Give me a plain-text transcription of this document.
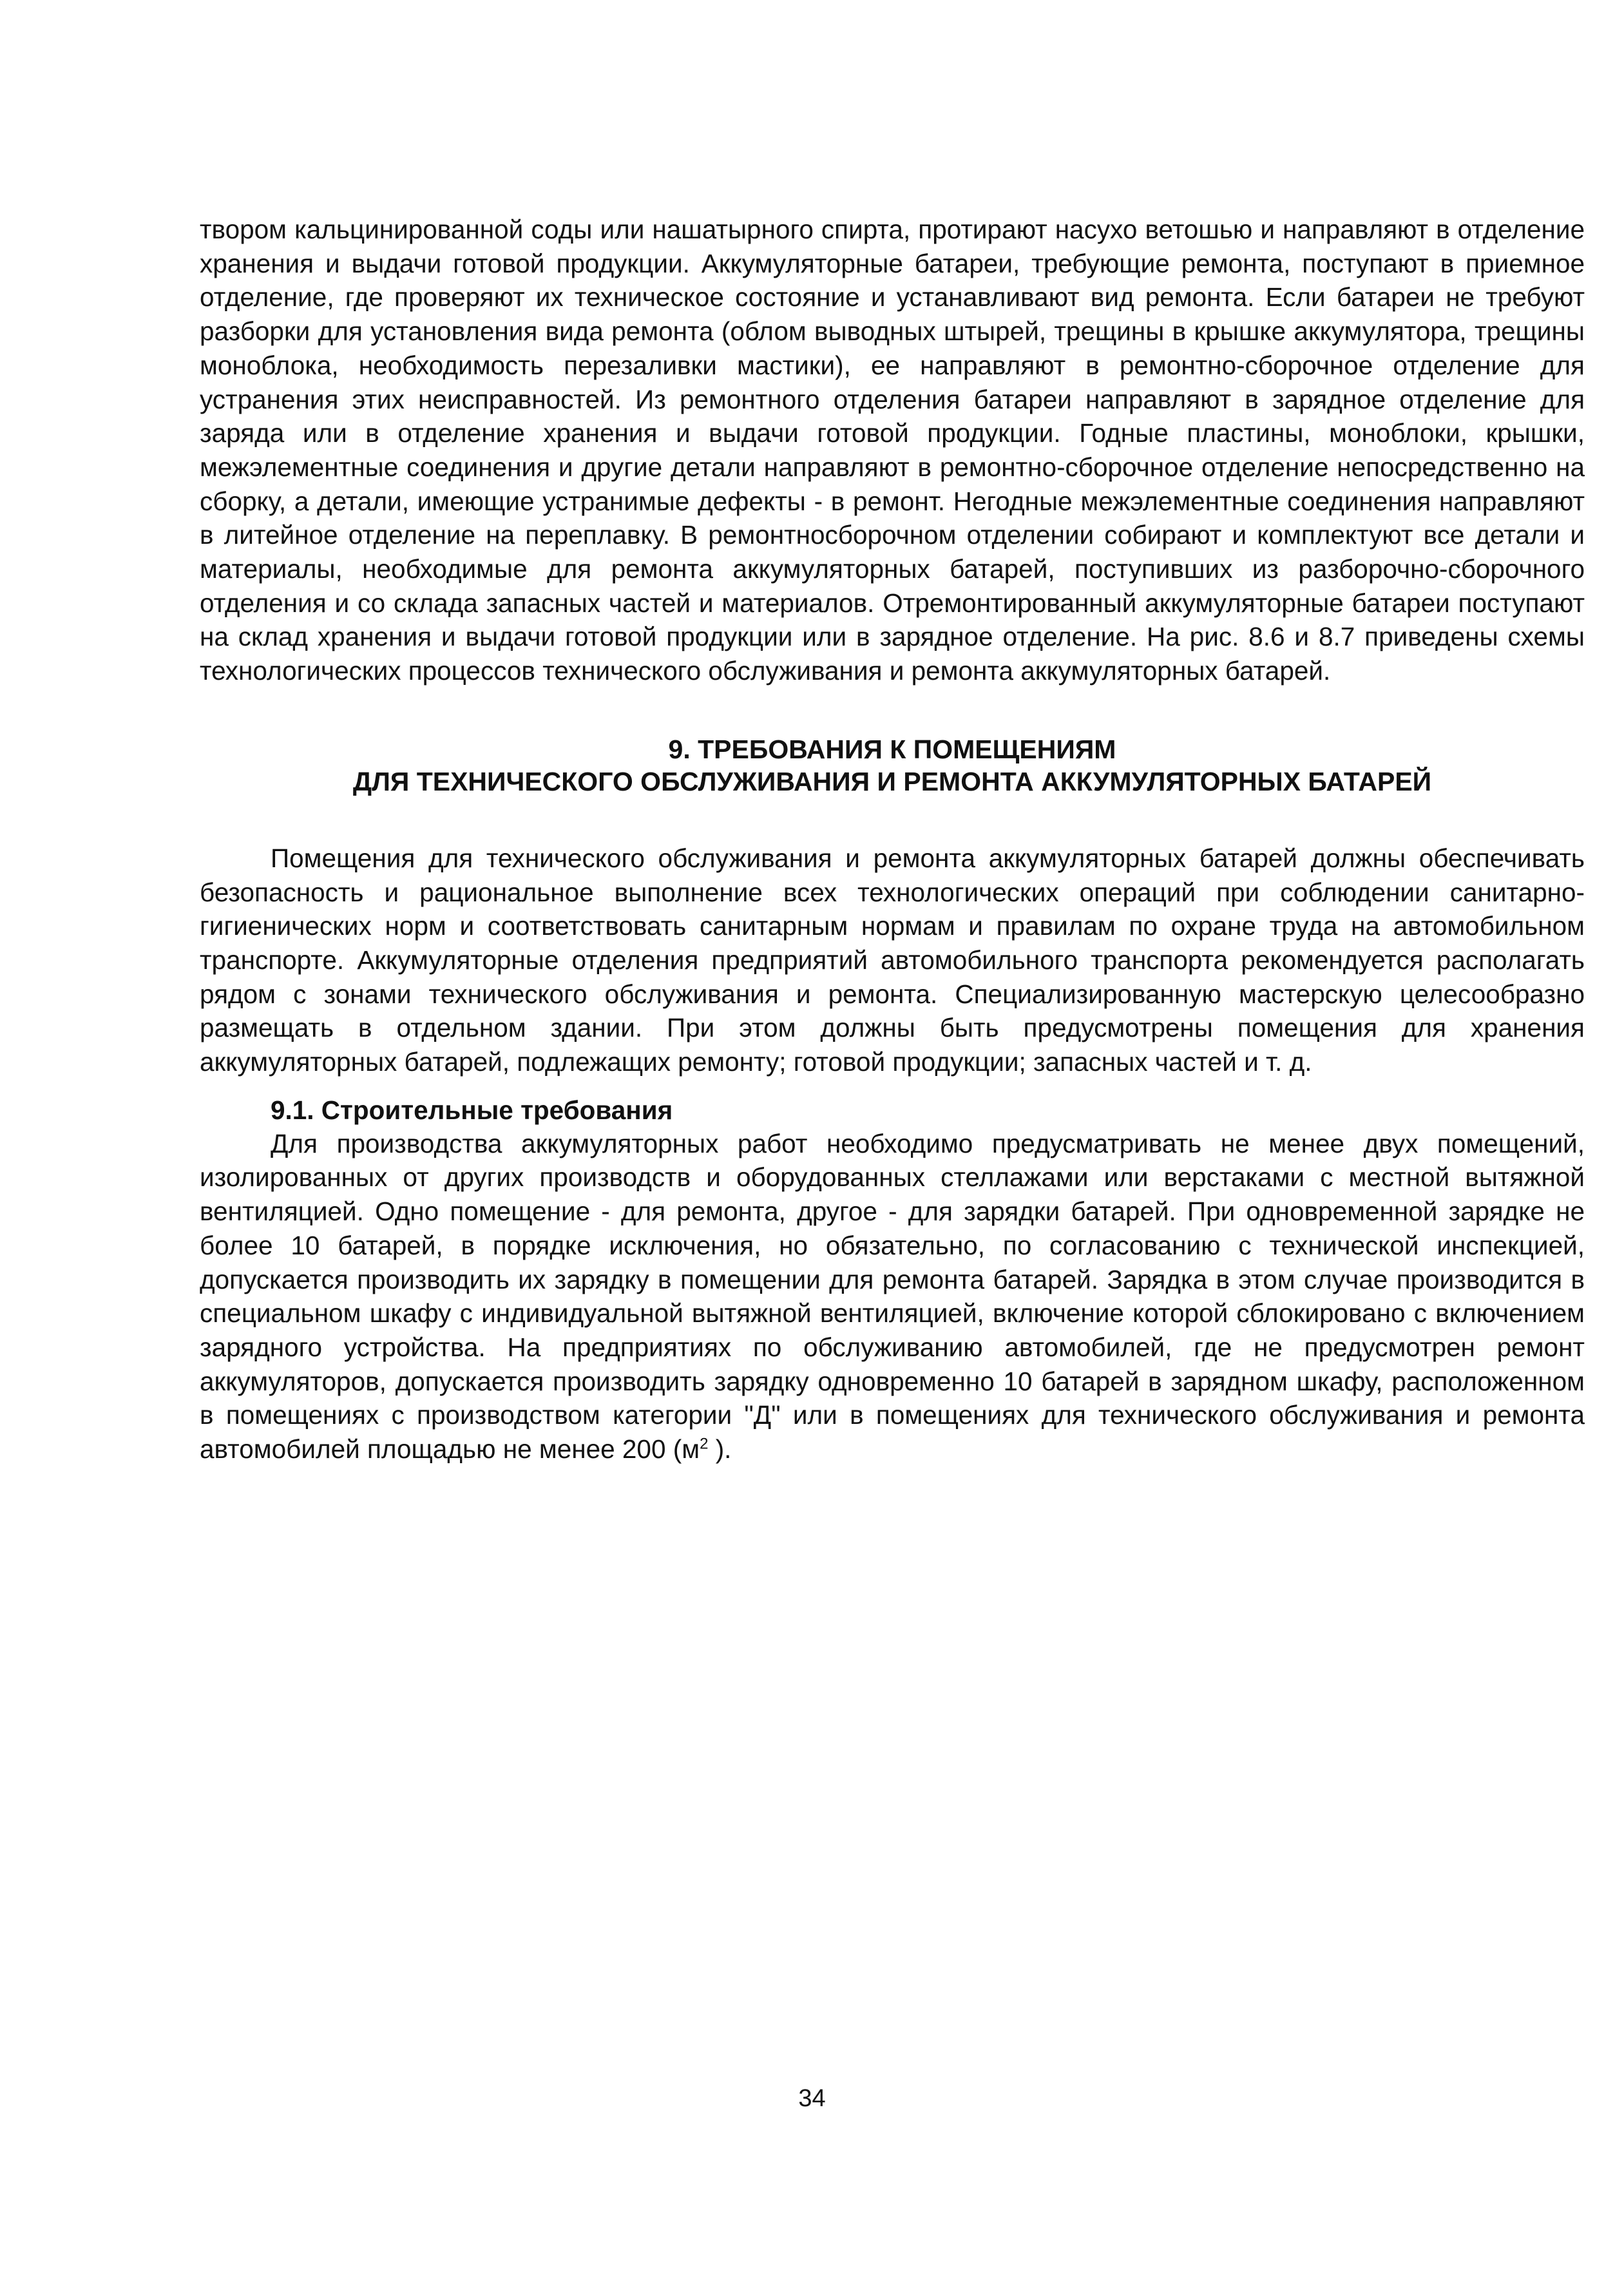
твором кальцинированной соды или нашатырного спирта, протирают насухо ветошью и направляют в отделение хранения и выдачи готовой продукции. Аккумуляторные батареи, требующие ремонта, поступают в приемное отделение, где проверяют их техническое состояние и устанавливают вид ремонта. Если батареи не требуют разборки для установления вида ремонта (облом выводных штырей, трещины в крышке аккумулятора, трещины моноблока, необходимость перезаливки мастики), ее направляют в ремонтно-сборочное отделение для устранения этих неисправностей. Из ремонтного отделения батареи направляют в зарядное отделение для заряда или в отделение хранения и выдачи готовой продукции. Годные пластины, моноблоки, крышки, межэлементные соединения и другие детали направляют в ремонтно-сборочное отделение непосредственно на сборку, а детали, имеющие устранимые дефекты - в ремонт. Негодные межэлементные соединения направляют в литейное отделение на переплавку. В ремонтносборочном отделении собирают и комплектуют все детали и материалы, необходимые для ремонта аккумуляторных батарей, поступивших из разборочно-сборочного отделения и со склада запасных частей и материалов. Отремонтированный аккумуляторные батареи поступают на склад хранения и выдачи готовой продукции или в зарядное отделение. На рис. 8.6 и 8.7 приведены схемы технологических процессов технического обслуживания и ремонта аккумуляторных батарей.

9. ТРЕБОВАНИЯ К ПОМЕЩЕНИЯМ
ДЛЯ ТЕХНИЧЕСКОГО ОБСЛУЖИВАНИЯ И РЕМОНТА АККУМУЛЯТОРНЫХ БАТАРЕЙ

Помещения для технического обслуживания и ремонта аккумуляторных батарей должны обеспечивать безопасность и рациональное выполнение всех технологических операций при соблюдении санитарно-гигиенических норм и соответствовать санитарным нормам и правилам по охране труда на автомобильном транспорте. Аккумуляторные отделения предприятий автомобильного транспорта рекомендуется располагать рядом с зонами технического обслуживания и ремонта. Специализированную мастерскую целесообразно размещать в отдельном здании. При этом должны быть предусмотрены помещения для хранения аккумуляторных батарей, подлежащих ремонту; готовой продукции; запасных частей и т. д.

9.1. Строительные требования

Для производства аккумуляторных работ необходимо предусматривать не менее двух помещений, изолированных от других производств и оборудованных стеллажами или верстаками с местной вытяжной вентиляцией. Одно помещение - для ремонта, другое - для зарядки батарей. При одновременной зарядке не более 10 батарей, в порядке исключения, но обязательно, по согласованию с технической инспекцией, допускается производить их зарядку в помещении для ремонта батарей. Зарядка в этом случае производится в специальном шкафу с индивидуальной вытяжной вентиляцией, включение которой сблокировано с включением зарядного устройства. На предприятиях по обслуживанию автомобилей, где не предусмотрен ремонт аккумуляторов, допускается производить зарядку одновременно 10 батарей в зарядном шкафу, расположенном в помещениях с производством категории "Д" или в помещениях для технического обслуживания и ремонта автомобилей площадью не менее 200 ($м^2$ ).

34
